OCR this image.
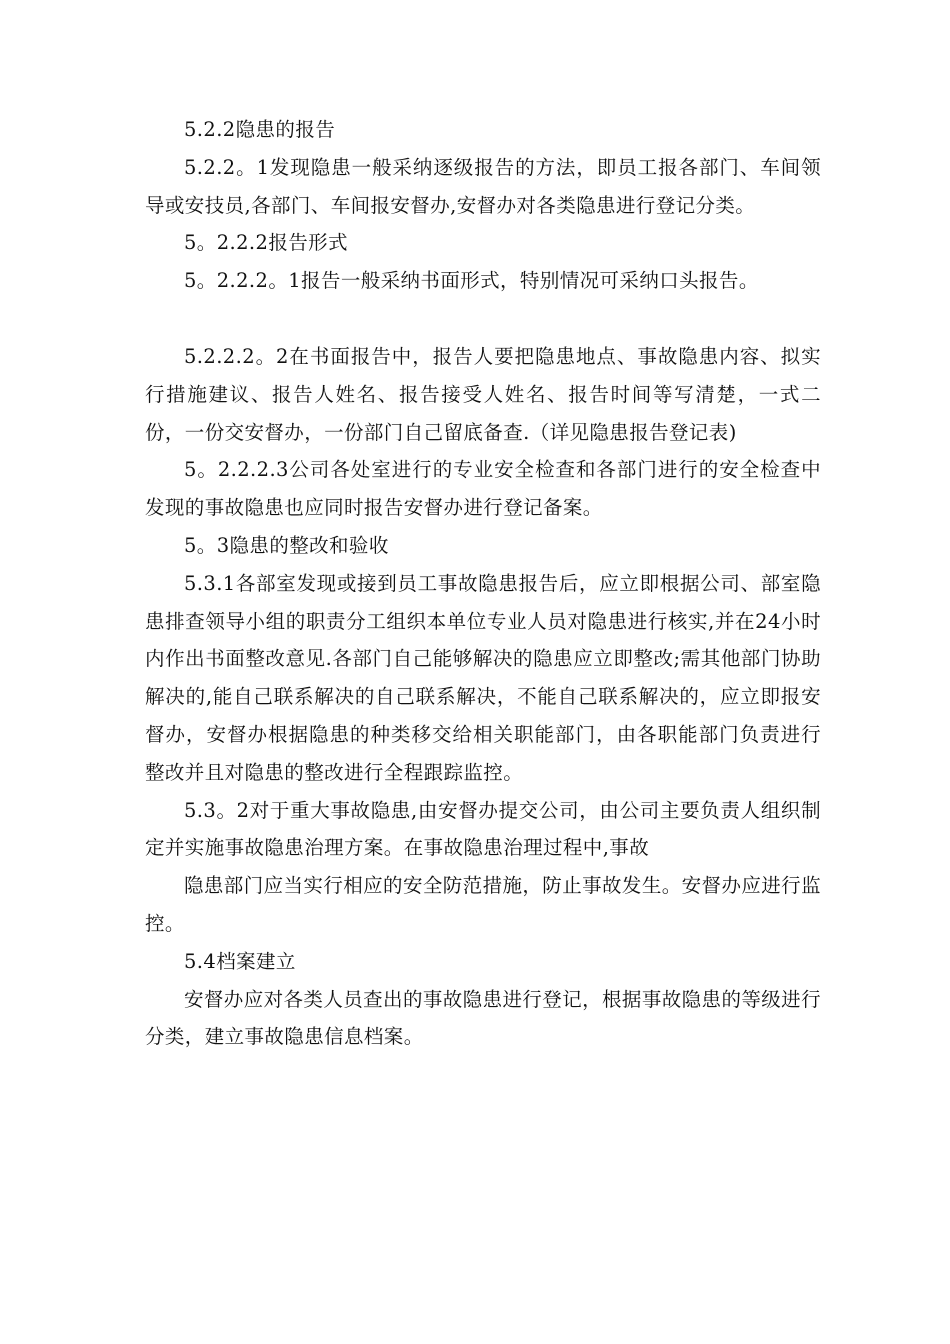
5.2.2隐患的报告

5.2.2。1发现隐患一般采纳逐级报告的方法，即员工报各部门、车间领导或安技员,各部门、车间报安督办,安督办对各类隐患进行登记分类。

5。2.2.2报告形式

5。2.2.2。1报告一般采纳书面形式，特别情况可采纳口头报告。

5.2.2.2。2在书面报告中，报告人要把隐患地点、事故隐患内容、拟实行措施建议、报告人姓名、报告接受人姓名、报告时间等写清楚，一式二份，一份交安督办，一份部门自己留底备查.（详见隐患报告登记表)

5。2.2.2.3公司各处室进行的专业安全检查和各部门进行的安全检查中发现的事故隐患也应同时报告安督办进行登记备案。

5。3隐患的整改和验收

5.3.1各部室发现或接到员工事故隐患报告后，应立即根据公司、部室隐患排查领导小组的职责分工组织本单位专业人员对隐患进行核实,并在24小时内作出书面整改意见.各部门自己能够解决的隐患应立即整改;需其他部门协助解决的,能自己联系解决的自己联系解决，不能自己联系解决的，应立即报安督办，安督办根据隐患的种类移交给相关职能部门，由各职能部门负责进行整改并且对隐患的整改进行全程跟踪监控。

5.3。2对于重大事故隐患,由安督办提交公司，由公司主要负责人组织制定并实施事故隐患治理方案。在事故隐患治理过程中,事故

隐患部门应当实行相应的安全防范措施，防止事故发生。安督办应进行监控。

5.4档案建立

安督办应对各类人员查出的事故隐患进行登记，根据事故隐患的等级进行分类，建立事故隐患信息档案。
